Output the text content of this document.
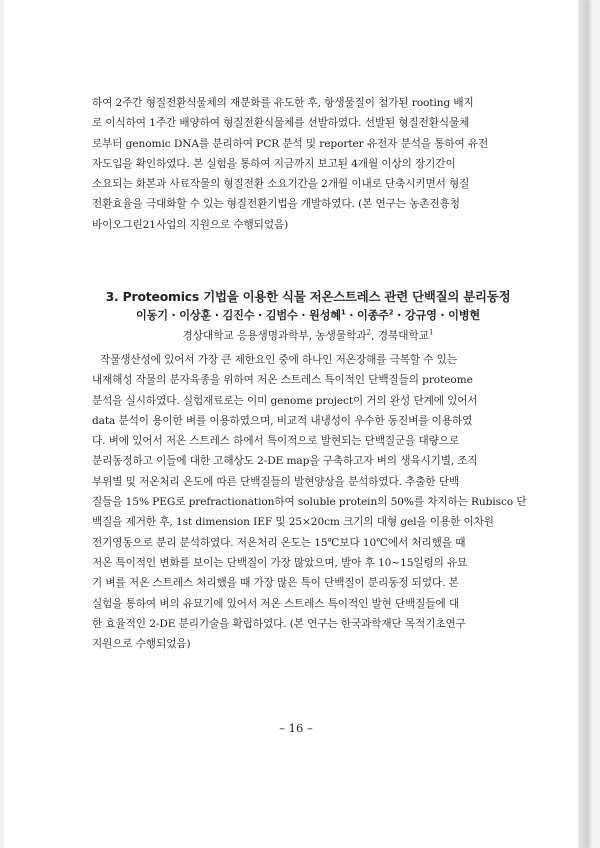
하여 2주간 형질전환식물체의 재분화를 유도한 후, 항생물질이 첨가된 rooting 배지
로 이식하여 1주간 배양하여 형질전환식물체를 선발하였다. 선발된 형질전환식물체
로부터 genomic DNA를 분리하여 PCR 분석 및 reporter 유전자 분석을 통하여 유전
자도입을 확인하였다. 본 실험을 통하여 지금까지 보고된 4개월 이상의 장기간이
소요되는 화본과 사료작물의 형질전환 소요기간을 2개월 이내로 단축시키면서 형질
전환효율을 극대화할 수 있는 형질전환기법을 개발하였다. (본 연구는 농촌진흥청
바이오그린21사업의 지원으로 수행되었음)

3. Proteomics 기법을 이용한 식물 저온스트레스 관련 단백질의 분리동정

이동기 · 이상훈 · 김진수 · 김범수 · 원성혜$^1$ · 이종주$^2$ · 강규영 · 이병현

경상대학교 응용생명과학부, 농생물학과$^2$, 경북대학교$^1$

작물생산성에 있어서 가장 큰 제한요인 중에 하나인 저온장해를 극복할 수 있는
내재해성 작물의 분자육종을 위하여 저온 스트레스 특이적인 단백질들의 proteome
분석을 실시하였다. 실험재료로는 이미 genome project이 거의 완성 단계에 있어서
data 분석이 용이한 벼를 이용하였으며, 비교적 내냉성이 우수한 동진벼를 이용하였
다. 벼에 있어서 저온 스트레스 하에서 특이적으로 발현되는 단백질군을 대량으로
분리동정하고 이들에 대한 고해상도 2-DE map을 구축하고자 벼의 생육시기별, 조직
부위별 및 저온처리 온도에 따른 단백질들의 발현양상을 분석하였다. 추출한 단백
질들을 15% PEG로 prefractionation하여 soluble protein의 50%를 차지하는 Rubisco 단
백질을 제거한 후, 1st dimension IEF 및 25×20cm 크기의 대형 gel을 이용한 이차원
전기영동으로 분리 분석하였다. 저온처리 온도는 15℃보다 10℃에서 처리했을 때
저온 특이적인 변화를 보이는 단백질이 가장 많았으며, 발아 후 10~15일령의 유묘
기 벼를 저온 스트레스 처리했을 때 가장 많은 특이 단백질이 분리동정 되었다. 본
실험을 통하여 벼의 유묘기에 있어서 저온 스트레스 특이적인 발현 단백질들에 대
한 효율적인 2-DE 분리기술을 확립하였다. (본 연구는 한국과학재단 목적기초연구
지원으로 수행되었음)

– 16 –
